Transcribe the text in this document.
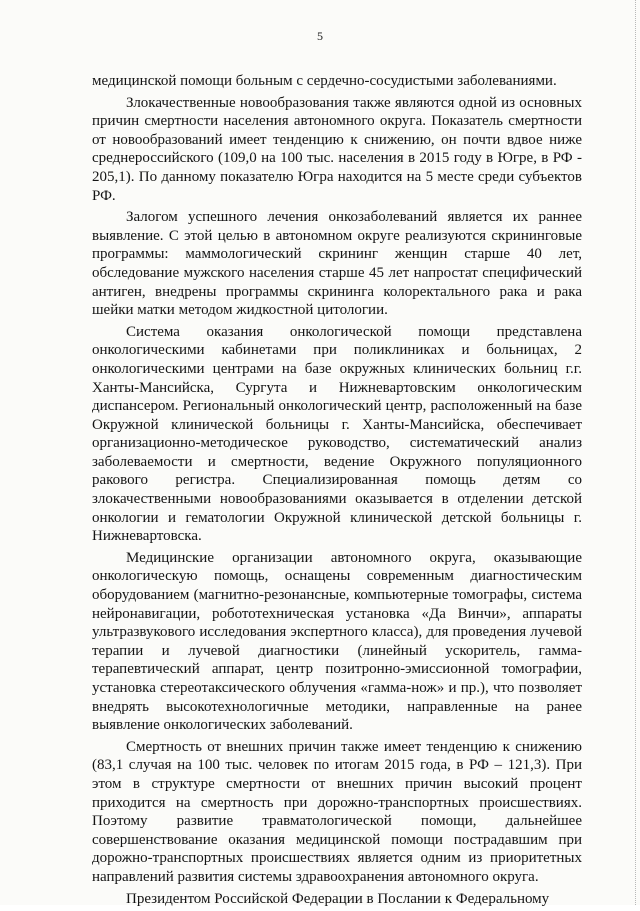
5

медицинской помощи больным с сердечно-сосудистыми заболеваниями.

Злокачественные новообразования также являются одной из основных причин смертности населения автономного округа. Показатель смертности от новообразований имеет тенденцию к снижению, он почти вдвое ниже среднероссийского (109,0 на 100 тыс. населения в 2015 году в Югре, в РФ - 205,1). По данному показателю Югра находится на 5 месте среди субъектов РФ.

Залогом успешного лечения онкозаболеваний является их раннее выявление. С этой целью в автономном округе реализуются скрининговые программы: маммологический скрининг женщин старше 40 лет, обследование мужского населения старше 45 лет напростат специфический антиген, внедрены программы скрининга колоректального рака и рака шейки матки методом жидкостной цитологии.

Система оказания онкологической помощи представлена онкологическими кабинетами при поликлиниках и больницах, 2 онкологическими центрами на базе окружных клинических больниц г.г. Ханты-Мансийска, Сургута и Нижневартовским онкологическим диспансером. Региональный онкологический центр, расположенный на базе Окружной клинической больницы г. Ханты-Мансийска, обеспечивает организационно-методическое руководство, систематический анализ заболеваемости и смертности, ведение Окружного популяционного ракового регистра. Специализированная помощь детям со злокачественными новообразованиями оказывается в отделении детской онкологии и гематологии Окружной клинической детской больницы г. Нижневартовска.

Медицинские организации автономного округа, оказывающие онкологическую помощь, оснащены современным диагностическим оборудованием (магнитно-резонансные, компьютерные томографы, система нейронавигации, робототехническая установка «Да Винчи», аппараты ультразвукового исследования экспертного класса), для проведения лучевой терапии и лучевой диагностики (линейный ускоритель, гамма-терапевтический аппарат, центр позитронно-эмиссионной томографии, установка стереотаксического облучения «гамма-нож» и пр.), что позволяет внедрять высокотехнологичные методики, направленные на ранее выявление онкологических заболеваний.

Смертность от внешних причин также имеет тенденцию к снижению (83,1 случая на 100 тыс. человек по итогам 2015 года, в РФ – 121,3). При этом в структуре смертности от внешних причин высокий процент приходится на смертность при дорожно-транспортных происшествиях. Поэтому развитие травматологической помощи, дальнейшее совершенствование оказания медицинской помощи пострадавшим при дорожно-транспортных происшествиях является одним из приоритетных направлений развития системы здравоохранения автономного округа.

Президентом Российской Федерации в Послании к Федеральному
